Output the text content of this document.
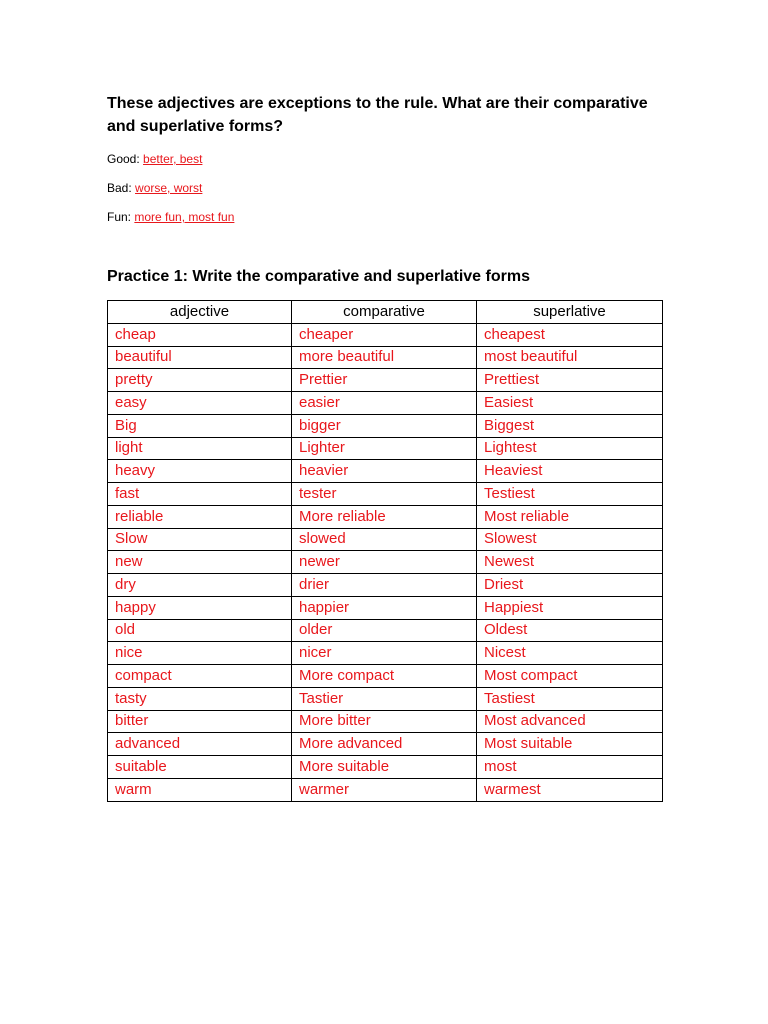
These adjectives are exceptions to the rule. What are their comparative and superlative forms?

Good: better, best

Bad: worse, worst

Fun: more fun, most fun

Practice 1: Write the comparative and superlative forms

adjective	comparative	superlative
cheap	cheaper	cheapest
beautiful	more beautiful	most beautiful
pretty	Prettier	Prettiest
easy	easier	Easiest
Big	bigger	Biggest
light	Lighter	Lightest
heavy	heavier	Heaviest
fast	tester	Testiest
reliable	More reliable	Most reliable
Slow	slowed	Slowest
new	newer	Newest
dry	drier	Driest
happy	happier	Happiest
old	older	Oldest
nice	nicer	Nicest
compact	More compact	Most compact
tasty	Tastier	Tastiest
bitter	More bitter	Most advanced
advanced	More advanced	Most suitable
suitable	More suitable	most
warm	warmer	warmest
